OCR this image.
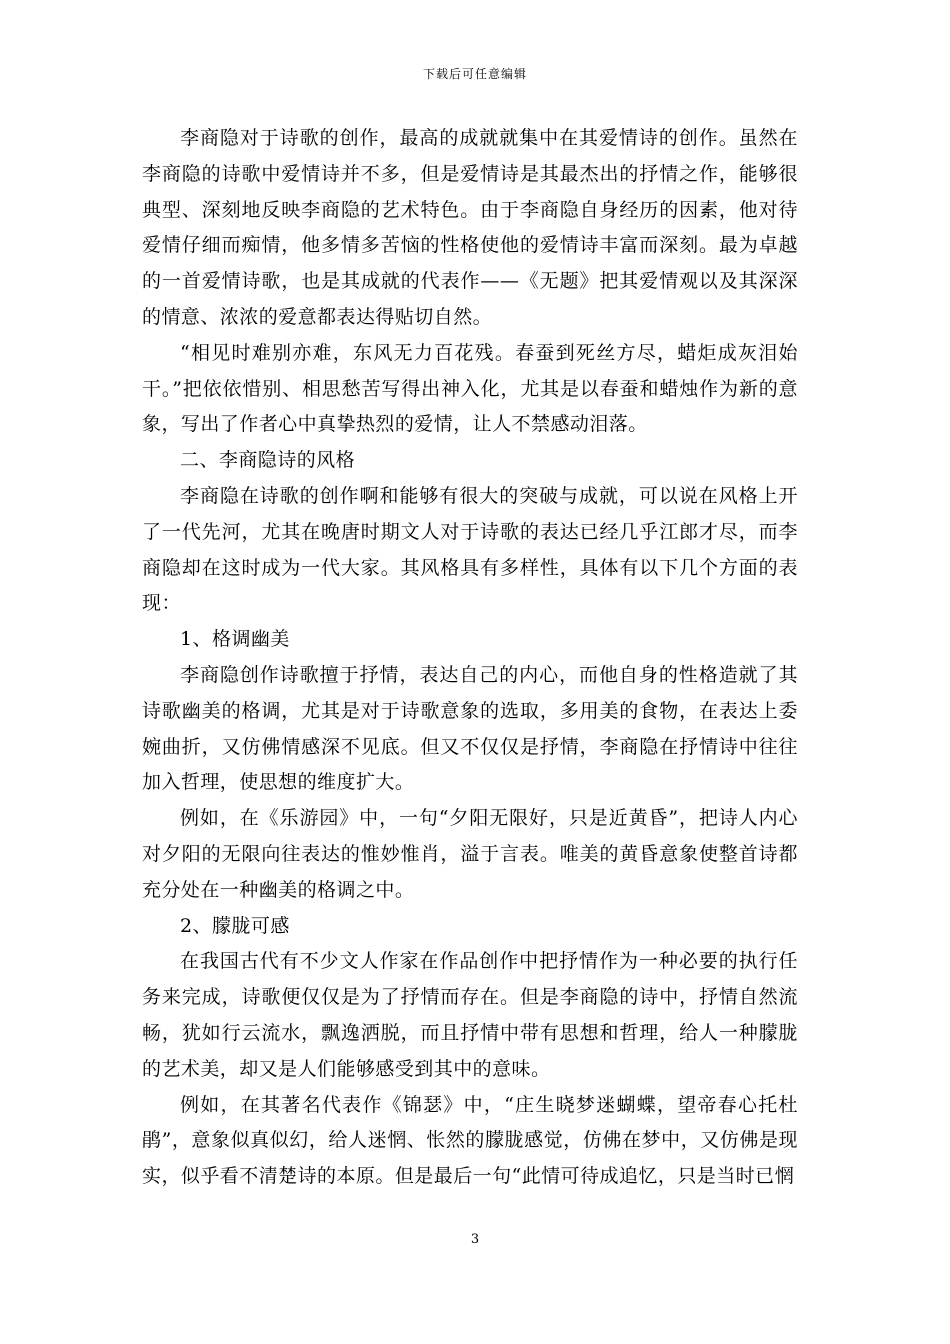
下载后可任意编辑

李商隐对于诗歌的创作，最高的成就就集中在其爱情诗的创作。虽然在李商隐的诗歌中爱情诗并不多，但是爱情诗是其最杰出的抒情之作，能够很典型、深刻地反映李商隐的艺术特色。由于李商隐自身经历的因素，他对待爱情仔细而痴情，他多情多苦恼的性格使他的爱情诗丰富而深刻。最为卓越的一首爱情诗歌，也是其成就的代表作——《无题》把其爱情观以及其深深的情意、浓浓的爱意都表达得贴切自然。

“相见时难别亦难，东风无力百花残。春蚕到死丝方尽，蜡炬成灰泪始干。”把依依惜别、相思愁苦写得出神入化，尤其是以春蚕和蜡烛作为新的意象，写出了作者心中真挚热烈的爱情，让人不禁感动泪落。

二、李商隐诗的风格

李商隐在诗歌的创作啊和能够有很大的突破与成就，可以说在风格上开了一代先河，尤其在晚唐时期文人对于诗歌的表达已经几乎江郎才尽，而李商隐却在这时成为一代大家。其风格具有多样性，具体有以下几个方面的表现：

1、格调幽美

李商隐创作诗歌擅于抒情，表达自己的内心，而他自身的性格造就了其诗歌幽美的格调，尤其是对于诗歌意象的选取，多用美的食物，在表达上委婉曲折，又仿佛情感深不见底。但又不仅仅是抒情，李商隐在抒情诗中往往加入哲理，使思想的维度扩大。

例如，在《乐游园》中，一句“夕阳无限好，只是近黄昏”，把诗人内心对夕阳的无限向往表达的惟妙惟肖，溢于言表。唯美的黄昏意象使整首诗都充分处在一种幽美的格调之中。

2、朦胧可感

在我国古代有不少文人作家在作品创作中把抒情作为一种必要的执行任务来完成，诗歌便仅仅是为了抒情而存在。但是李商隐的诗中，抒情自然流畅，犹如行云流水，飘逸洒脱，而且抒情中带有思想和哲理，给人一种朦胧的艺术美，却又是人们能够感受到其中的意味。

例如，在其著名代表作《锦瑟》中，“庄生晓梦迷蝴蝶，望帝春心托杜鹃”，意象似真似幻，给人迷惘、怅然的朦胧感觉，仿佛在梦中，又仿佛是现实，似乎看不清楚诗的本原。但是最后一句“此情可待成追忆，只是当时已惘

3
